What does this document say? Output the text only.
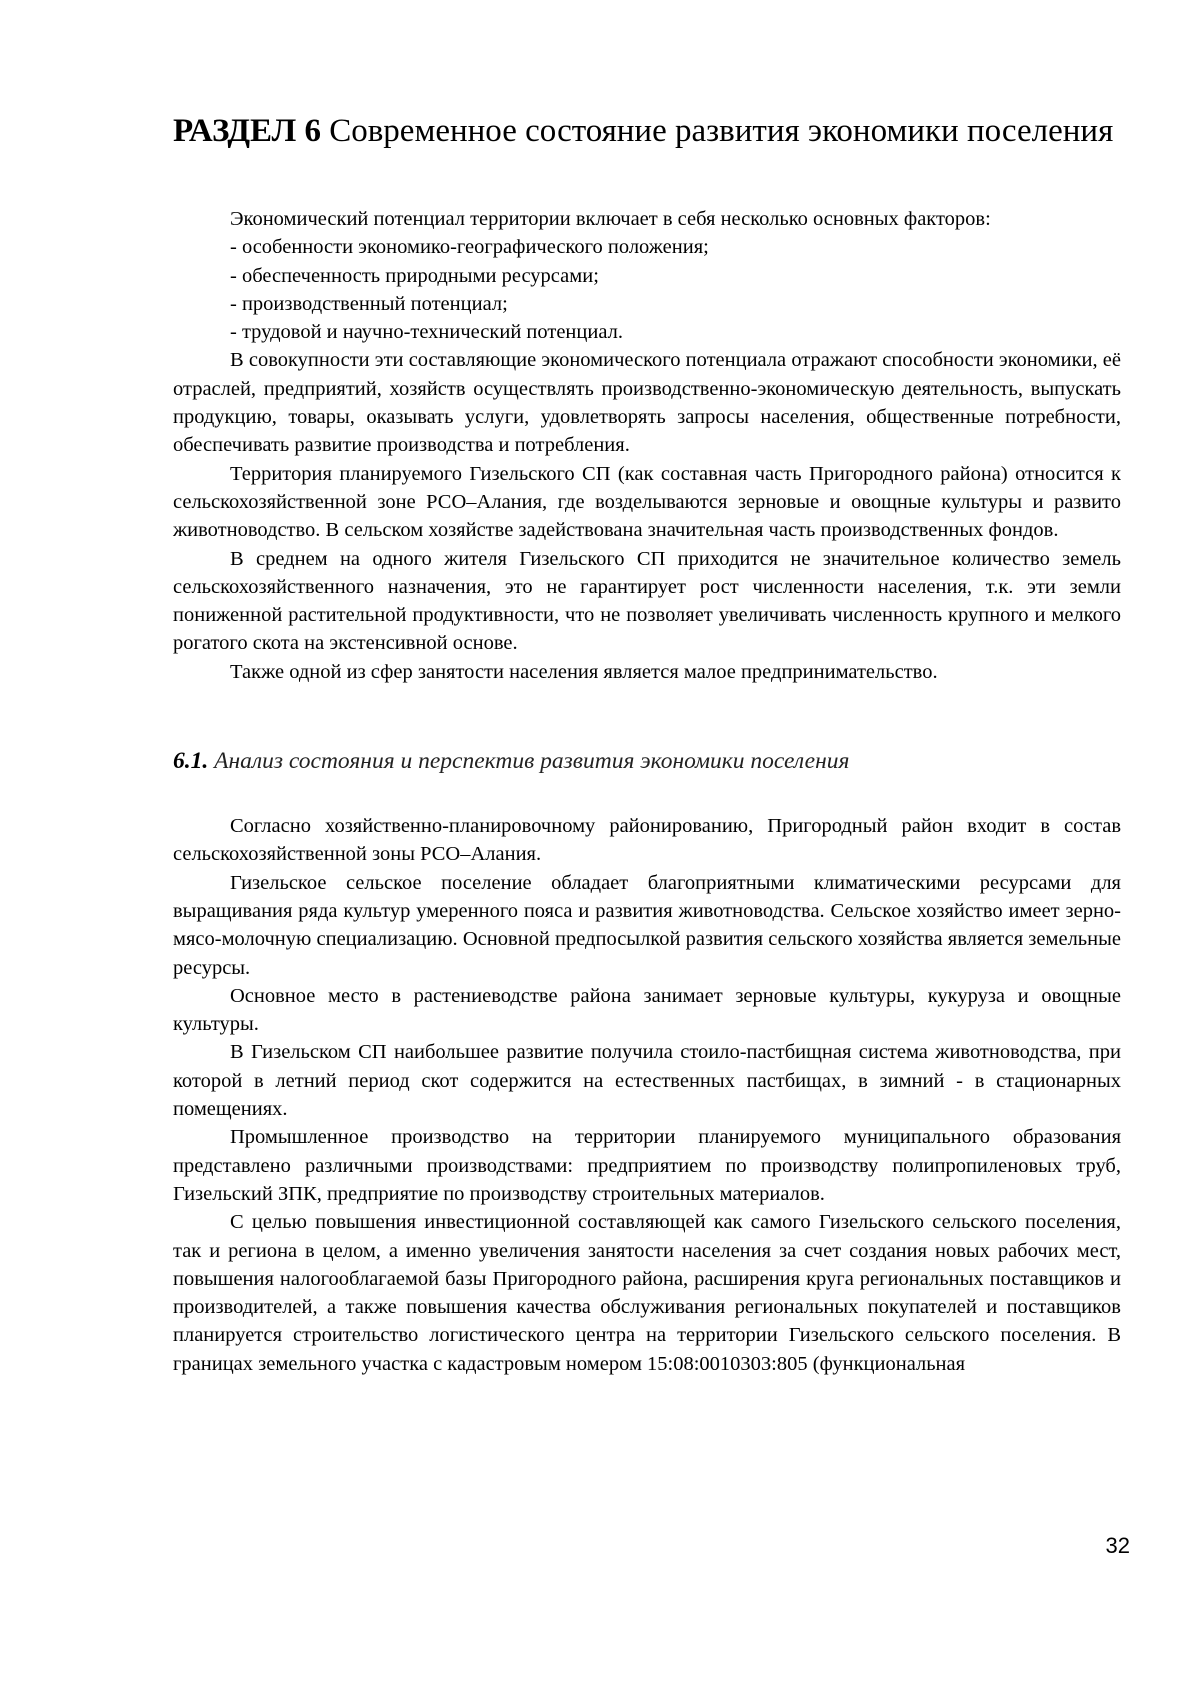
РАЗДЕЛ 6 Современное состояние развития экономики поселения

Экономический потенциал территории включает в себя несколько основных факторов:

- особенности экономико-географического положения;

- обеспеченность природными ресурсами;

- производственный потенциал;

- трудовой и научно-технический потенциал.

В совокупности эти составляющие экономического потенциала отражают способности экономики, её отраслей, предприятий, хозяйств осуществлять производственно-экономическую деятельность, выпускать продукцию, товары, оказывать услуги, удовлетворять запросы населения, общественные потребности, обеспечивать развитие производства и потребления.

Территория планируемого Гизельского СП (как составная часть Пригородного района) относится к сельскохозяйственной зоне РСО–Алания, где возделываются зерновые и овощные культуры и развито животноводство. В сельском хозяйстве задействована значительная часть производственных фондов.

В среднем на одного жителя Гизельского СП приходится не значительное количество земель сельскохозяйственного назначения, это не гарантирует рост численности населения, т.к. эти земли пониженной растительной продуктивности, что не позволяет увеличивать численность крупного и мелкого рогатого скота на экстенсивной основе.

Также одной из сфер занятости населения является малое предпринимательство.

6.1. Анализ состояния и перспектив развития экономики поселения

Согласно хозяйственно-планировочному районированию, Пригородный район входит в состав сельскохозяйственной зоны РСО–Алания.

Гизельское сельское поселение обладает благоприятными климатическими ресурсами для выращивания ряда культур умеренного пояса и развития животноводства. Сельское хозяйство имеет зерно-мясо-молочную специализацию. Основной предпосылкой развития сельского хозяйства является земельные ресурсы.

Основное место в растениеводстве района занимает зерновые культуры, кукуруза и овощные культуры.

В Гизельском СП наибольшее развитие получила стоило-пастбищная система животноводства, при которой в летний период скот содержится на естественных пастбищах, в зимний - в стационарных помещениях.

Промышленное производство на территории планируемого муниципального образования представлено различными производствами: предприятием по производству полипропиленовых труб, Гизельский ЗПК, предприятие по производству строительных материалов.

С целью повышения инвестиционной составляющей как самого Гизельского сельского поселения, так и региона в целом, а именно увеличения занятости населения за счет создания новых рабочих мест, повышения налогооблагаемой базы Пригородного района, расширения круга региональных поставщиков и производителей, а также повышения качества обслуживания региональных покупателей и поставщиков планируется строительство логистического центра на территории Гизельского сельского поселения. В границах земельного участка с кадастровым номером 15:08:0010303:805 (функциональная

32
